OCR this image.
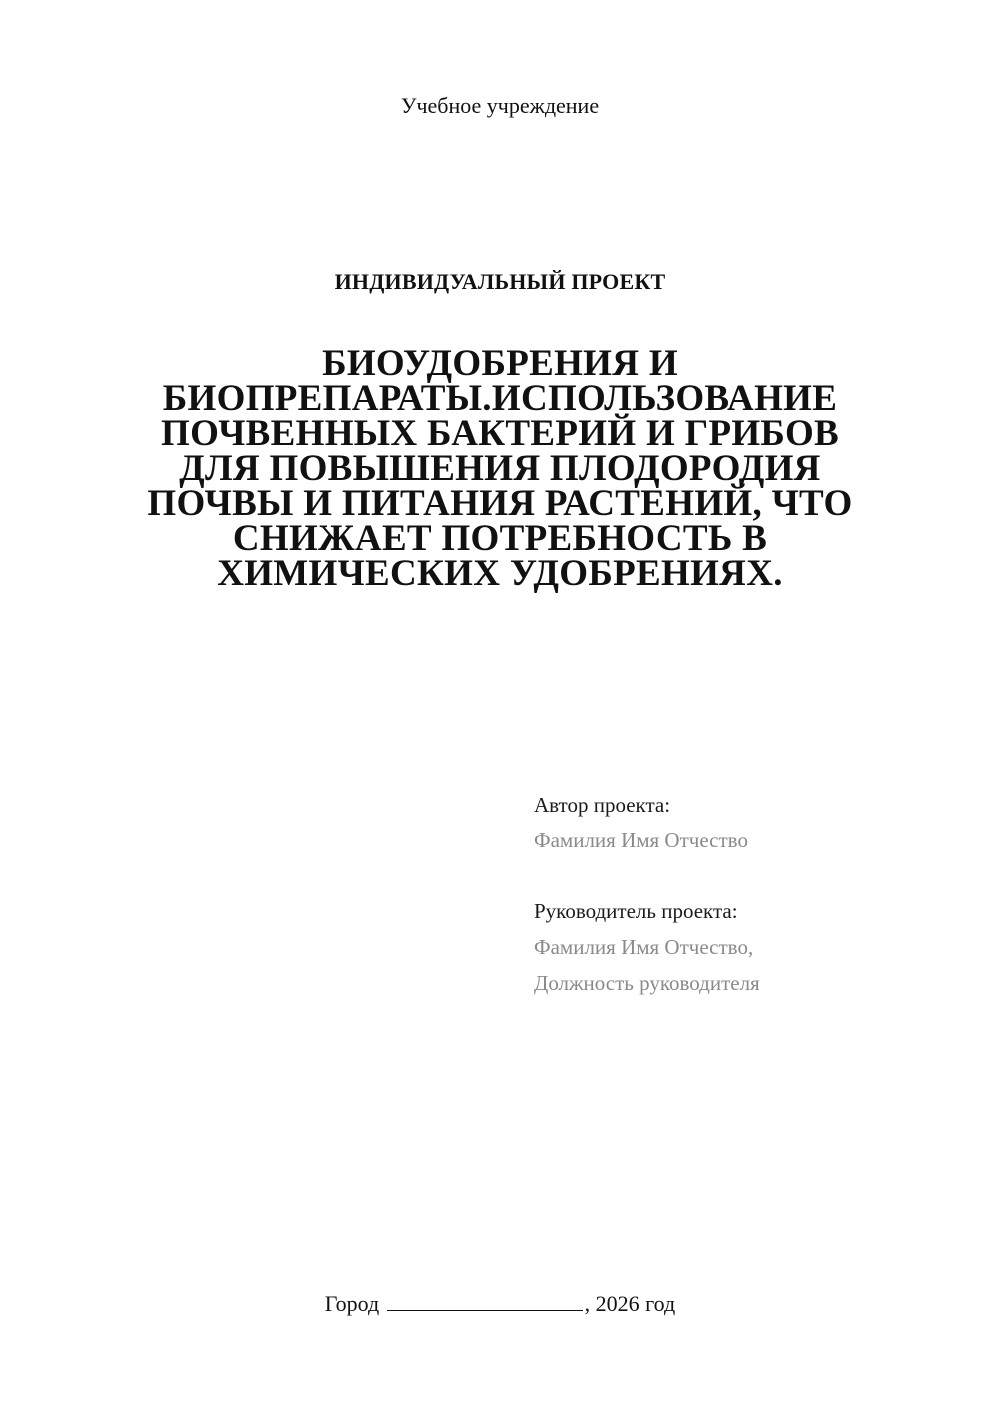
Учебное учреждение
ИНДИВИДУАЛЬНЫЙ ПРОЕКТ
БИОУДОБРЕНИЯ И
БИОПРЕПАРАТЫ.ИСПОЛЬЗОВАНИЕ
ПОЧВЕННЫХ БАКТЕРИЙ И ГРИБОВ
ДЛЯ ПОВЫШЕНИЯ ПЛОДОРОДИЯ
ПОЧВЫ И ПИТАНИЯ РАСТЕНИЙ, ЧТО
СНИЖАЕТ ПОТРЕБНОСТЬ В
ХИМИЧЕСКИХ УДОБРЕНИЯХ.
Автор проекта:
Фамилия Имя Отчество
Руководитель проекта:
Фамилия Имя Отчество,
Должность руководителя
Город	, 2026 год
